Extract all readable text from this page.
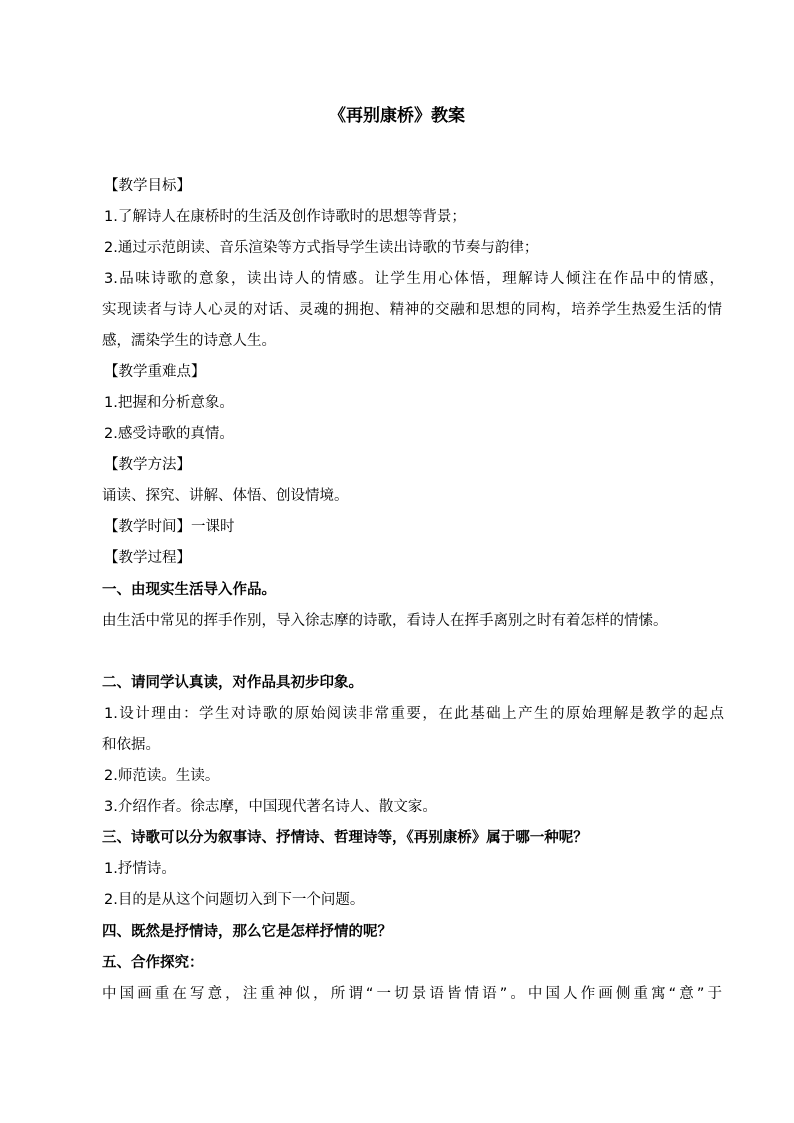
《再别康桥》教案
【教学目标】
1.了解诗人在康桥时的生活及创作诗歌时的思想等背景；
2.通过示范朗读、音乐渲染等方式指导学生读出诗歌的节奏与韵律；
3.品味诗歌的意象，读出诗人的情感。让学生用心体悟，理解诗人倾注在作品中的情感，
实现读者与诗人心灵的对话、灵魂的拥抱、精神的交融和思想的同构，培养学生热爱生活的情
感，濡染学生的诗意人生。
【教学重难点】
1.把握和分析意象。
2.感受诗歌的真情。
【教学方法】
诵读、探究、讲解、体悟、创设情境。
【教学时间】一课时
【教学过程】
一、由现实生活导入作品。
由生活中常见的挥手作别，导入徐志摩的诗歌，看诗人在挥手离别之时有着怎样的情愫。
二、请同学认真读，对作品具初步印象。
1.设计理由：学生对诗歌的原始阅读非常重要，在此基础上产生的原始理解是教学的起点
和依据。
2.师范读。生读。
3.介绍作者。徐志摩，中国现代著名诗人、散文家。
三、诗歌可以分为叙事诗、抒情诗、哲理诗等，《再别康桥》属于哪一种呢？
1.抒情诗。
2.目的是从这个问题切入到下一个问题。
四、既然是抒情诗，那么它是怎样抒情的呢？
五、合作探究：
中国画重在写意，注重神似，所谓“一切景语皆情语”。中国人作画侧重寓“意”于
